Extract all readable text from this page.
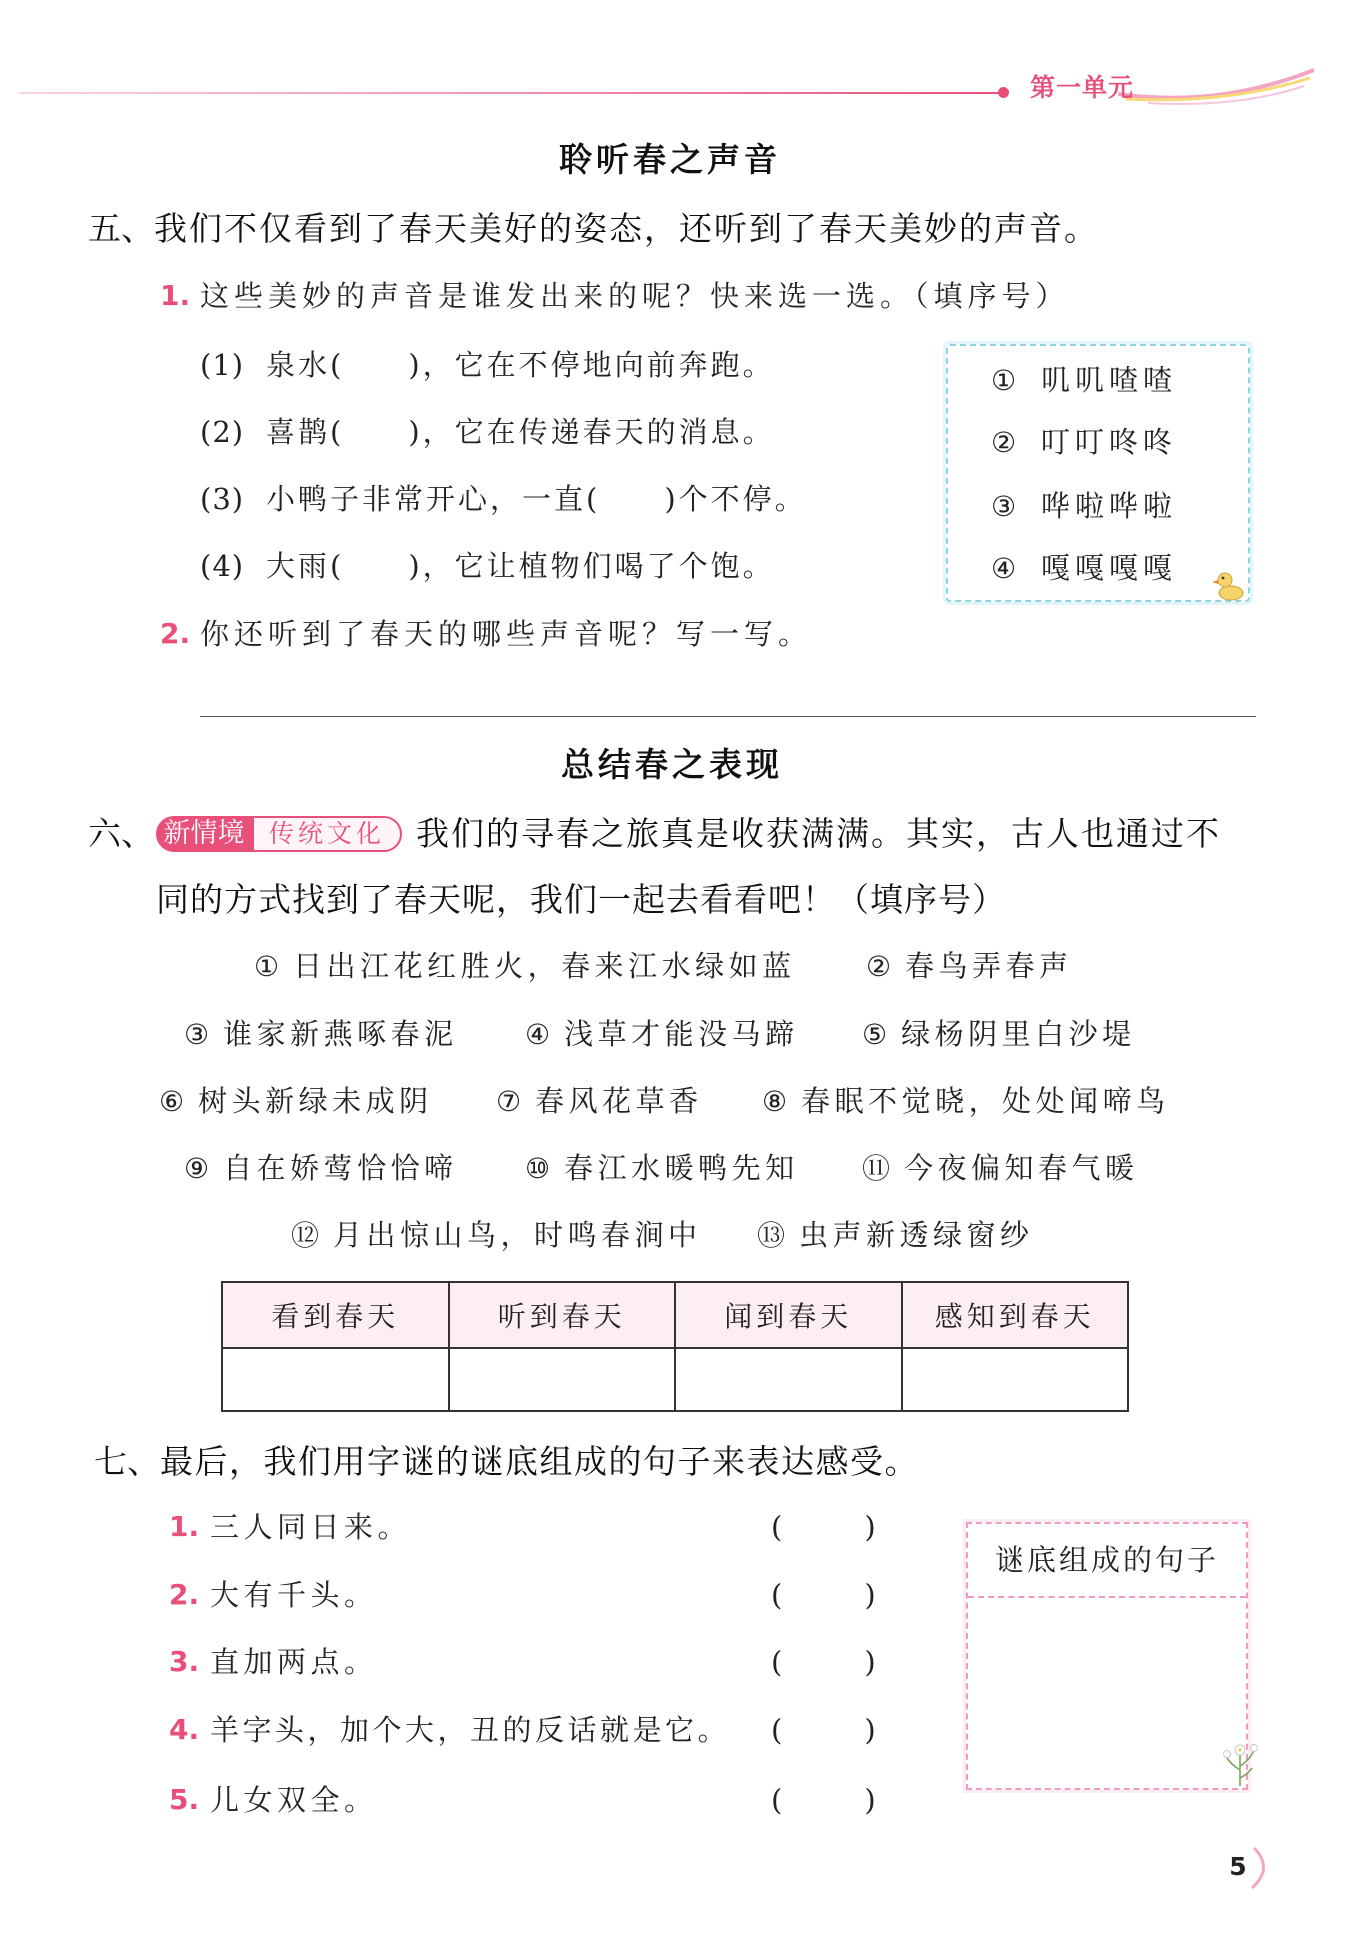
第一单元
聆听春之声音
五、我们不仅看到了春天美好的姿态，还听到了春天美妙的声音。
1. 这些美妙的声音是谁发出来的呢？快来选一选。（填序号）
(1) 泉水(　　)，它在不停地向前奔跑。
(2) 喜鹊(　　)，它在传递春天的消息。
(3) 小鸭子非常开心，一直(　　)个不停。
(4) 大雨(　　)，它让植物们喝了个饱。
① 叽叽喳喳
② 叮叮咚咚
③ 哗啦哗啦
④ 嘎嘎嘎嘎
2. 你还听到了春天的哪些声音呢？写一写。
总结春之表现
六、 新情境 传统文化 我们的寻春之旅真是收获满满。其实，古人也通过不
同的方式找到了春天呢，我们一起去看看吧！（填序号）
① 日出江花红胜火，春来江水绿如蓝	② 春鸟弄春声
③ 谁家新燕啄春泥 ④ 浅草才能没马蹄 ⑤ 绿杨阴里白沙堤
⑥ 树头新绿未成阴 ⑦ 春风花草香 ⑧ 春眠不觉晓，处处闻啼鸟
⑨ 自在娇莺恰恰啼 ⑩ 春江水暖鸭先知 ⑪ 今夜偏知春气暖
⑫ 月出惊山鸟，时鸣春涧中 ⑬ 虫声新透绿窗纱
看到春天	听到春天	闻到春天	感知到春天

七、最后，我们用字谜的谜底组成的句子来表达感受。
1. 三人同日来。	(　　)
2. 大有千头。	(　　)
3. 直加两点。	(　　)
4. 羊字头，加个大，丑的反话就是它。 (　　)
5. 儿女双全。	(　　)
谜底组成的句子
5
